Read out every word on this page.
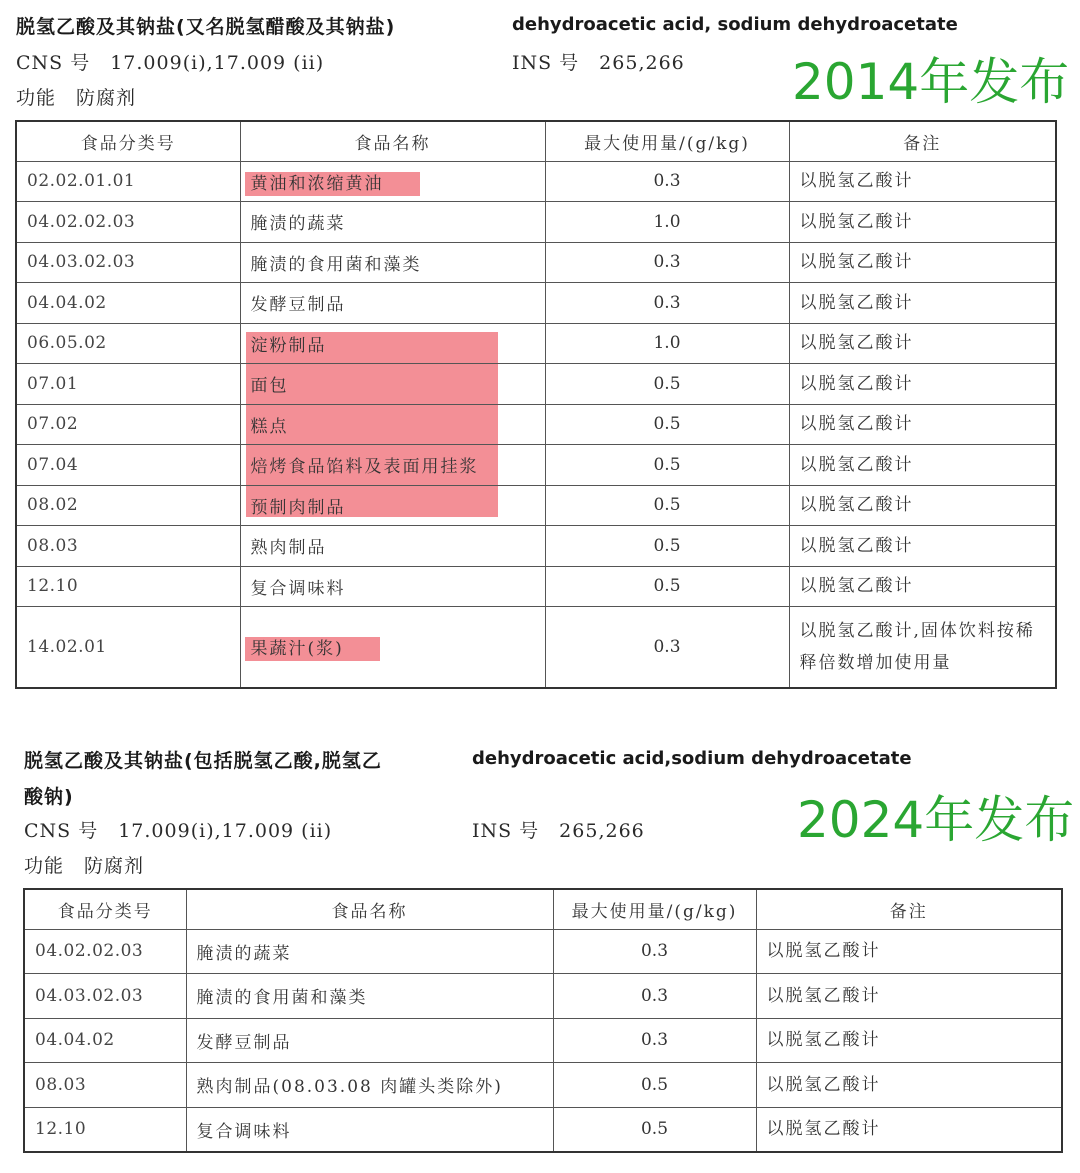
脱氢乙酸及其钠盐(又名脱氢醋酸及其钠盐)	dehydroacetic acid, sodium dehydroacetate
CNS 号　17.009(i),17.009 (ii)	INS 号　265,266
功能　防腐剂	2014年发布
食品分类号	食品名称	最大使用量/(g/kg)	备注
02.02.01.01	黄油和浓缩黄油	0.3	以脱氢乙酸计
04.02.02.03	腌渍的蔬菜	1.0	以脱氢乙酸计
04.03.02.03	腌渍的食用菌和藻类	0.3	以脱氢乙酸计
04.04.02	发酵豆制品	0.3	以脱氢乙酸计
06.05.02	淀粉制品	1.0	以脱氢乙酸计
07.01	面包	0.5	以脱氢乙酸计
07.02	糕点	0.5	以脱氢乙酸计
07.04	焙烤食品馅料及表面用挂浆	0.5	以脱氢乙酸计
08.02	预制肉制品	0.5	以脱氢乙酸计
08.03	熟肉制品	0.5	以脱氢乙酸计
12.10	复合调味料	0.5	以脱氢乙酸计
14.02.01	果蔬汁(浆)	0.3	以脱氢乙酸计,固体饮料按稀释倍数增加使用量
脱氢乙酸及其钠盐(包括脱氢乙酸,脱氢乙
酸钠)
dehydroacetic acid,sodium dehydroacetate
CNS 号　17.009(i),17.009 (ii)	INS 号　265,266
功能　防腐剂
2024年发布
食品分类号	食品名称	最大使用量/(g/kg)	备注
04.02.02.03	腌渍的蔬菜	0.3	以脱氢乙酸计
04.03.02.03	腌渍的食用菌和藻类	0.3	以脱氢乙酸计
04.04.02	发酵豆制品	0.3	以脱氢乙酸计
08.03	熟肉制品(08.03.08 肉罐头类除外)	0.5	以脱氢乙酸计
12.10	复合调味料	0.5	以脱氢乙酸计
